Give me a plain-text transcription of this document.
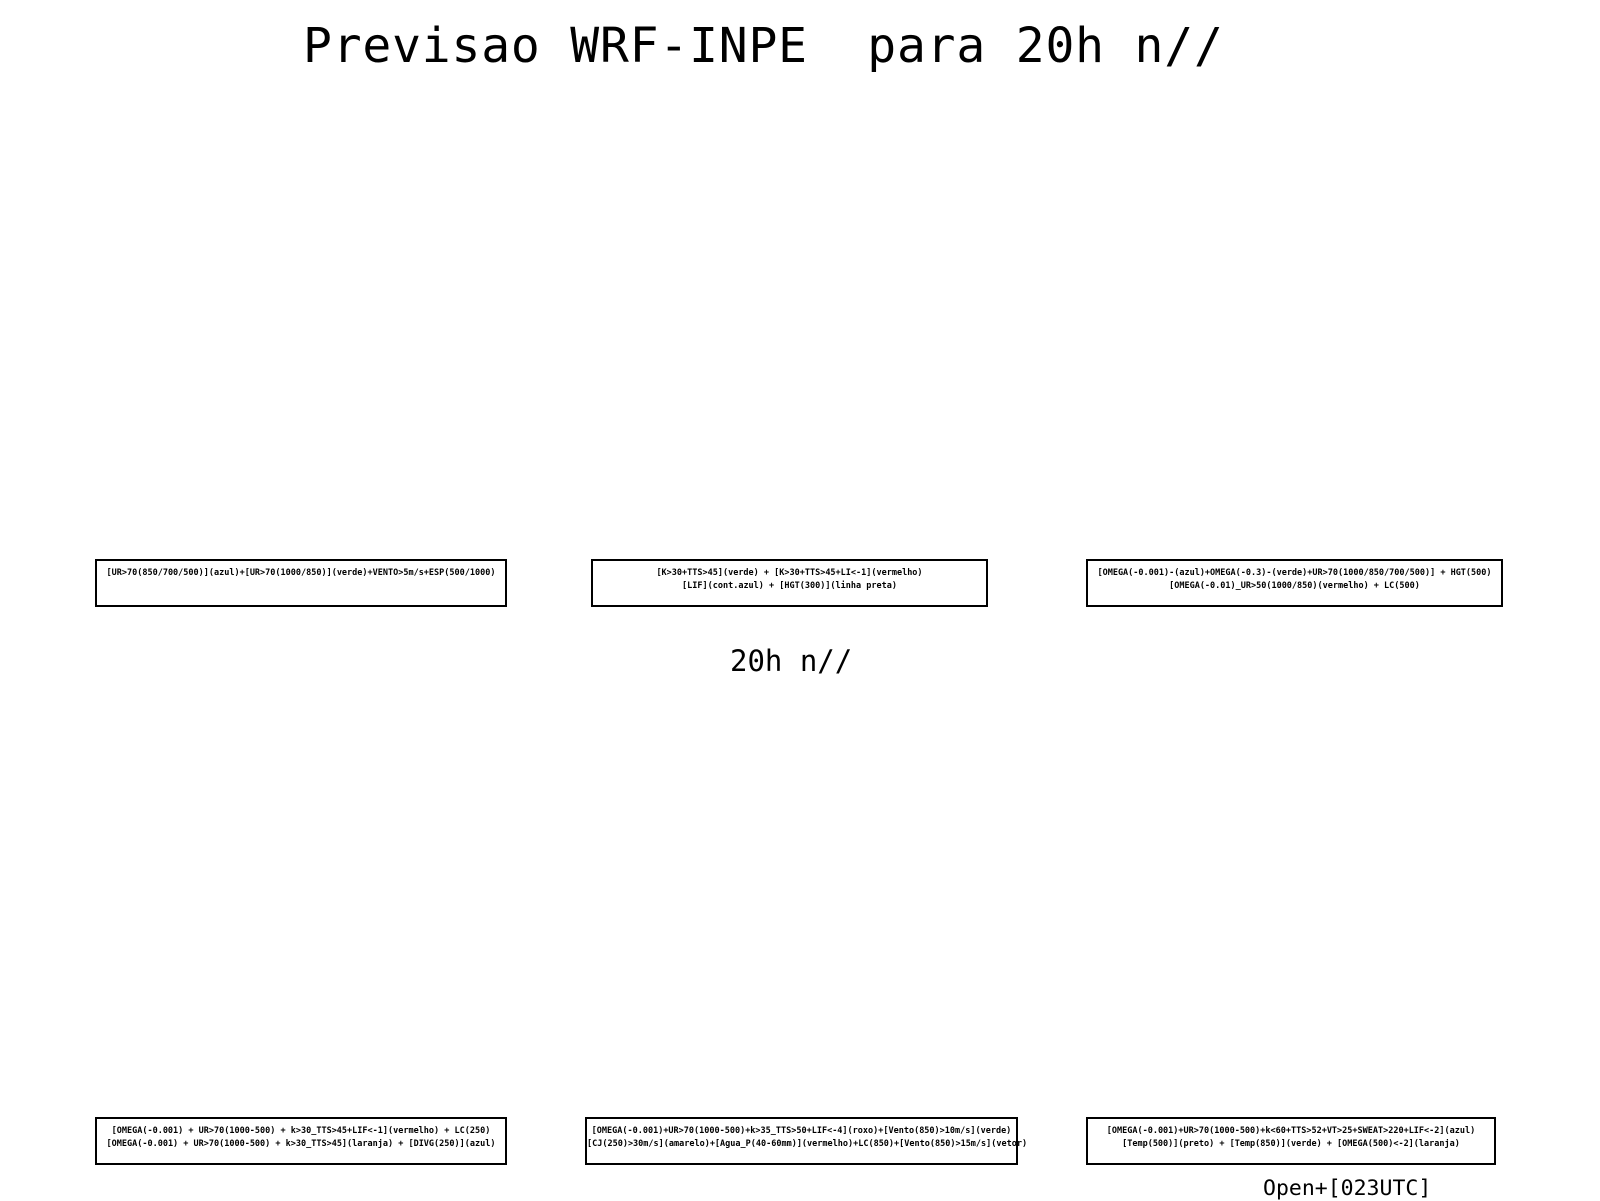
Previsao WRF-INPE  para 20h n//
[UR>70(850/700/500)](azul)+[UR>70(1000/850)](verde)+VENTO>5m/s+ESP(500/1000)	[K>30+TTS>45](verde) + [K>30+TTS>45+LI<-1](vermelho)
[LIF](cont.azul) + [HGT(300)](linha preta)
[OMEGA(-0.001)-(azul)+OMEGA(-0.3)-(verde)+UR>70(1000/850/700/500)] + HGT(500)
[OMEGA(-0.01)_UR>50(1000/850)(vermelho) + LC(500)
20h n//
[OMEGA(-0.001) + UR>70(1000-500) + k>30_TTS>45+LIF<-1](vermelho) + LC(250)
[OMEGA(-0.001) + UR>70(1000-500) + k>30_TTS>45](laranja) + [DIVG(250)](azul)
[OMEGA(-0.001)+UR>70(1000-500)+k>35_TTS>50+LIF<-4](roxo)+[Vento(850)>10m/s](verde)
[CJ(250)>30m/s](amarelo)+[Agua_P(40-60mm)](vermelho)+LC(850)+[Vento(850)>15m/s](vetor)
[OMEGA(-0.001)+UR>70(1000-500)+k<60+TTS>52+VT>25+SWEAT>220+LIF<-2](azul)
[Temp(500)](preto) + [Temp(850)](verde) + [OMEGA(500)<-2](laranja)
Open+[023UTC]
